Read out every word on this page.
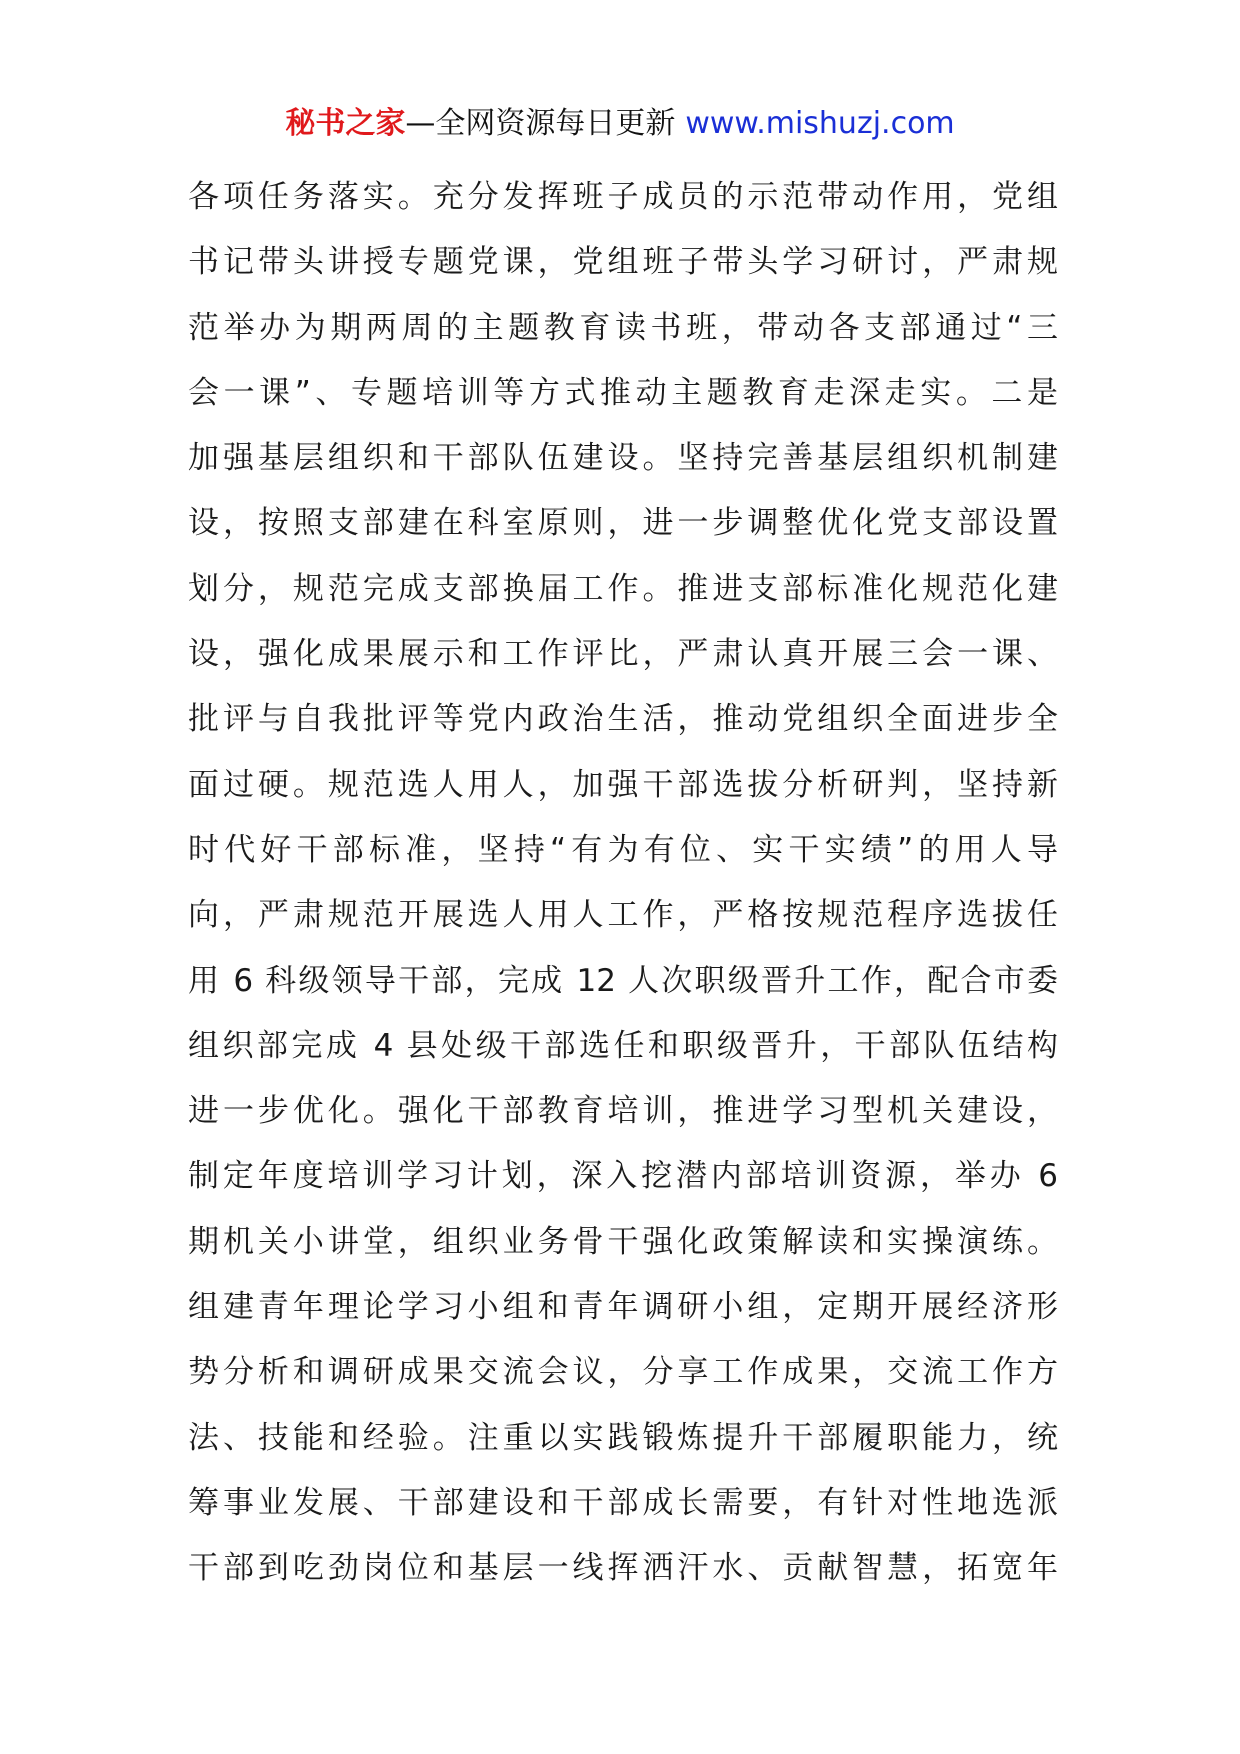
秘书之家—全网资源每日更新 www.mishuzj.com
各项任务落实。充分发挥班子成员的示范带动作用，党组
书记带头讲授专题党课，党组班子带头学习研讨，严肃规
范举办为期两周的主题教育读书班，带动各支部通过“三
会一课”、专题培训等方式推动主题教育走深走实。二是
加强基层组织和干部队伍建设。坚持完善基层组织机制建
设，按照支部建在科室原则，进一步调整优化党支部设置
划分，规范完成支部换届工作。推进支部标准化规范化建
设，强化成果展示和工作评比，严肃认真开展三会一课、
批评与自我批评等党内政治生活，推动党组织全面进步全
面过硬。规范选人用人，加强干部选拔分析研判，坚持新
时代好干部标准，坚持“有为有位、实干实绩”的用人导
向，严肃规范开展选人用人工作，严格按规范程序选拔任
用 6 科级领导干部，完成 12 人次职级晋升工作，配合市委
组织部完成 4 县处级干部选任和职级晋升，干部队伍结构
进一步优化。强化干部教育培训，推进学习型机关建设，
制定年度培训学习计划，深入挖潜内部培训资源，举办 6
期机关小讲堂，组织业务骨干强化政策解读和实操演练。
组建青年理论学习小组和青年调研小组，定期开展经济形
势分析和调研成果交流会议，分享工作成果，交流工作方
法、技能和经验。注重以实践锻炼提升干部履职能力，统
筹事业发展、干部建设和干部成长需要，有针对性地选派
干部到吃劲岗位和基层一线挥洒汗水、贡献智慧，拓宽年
